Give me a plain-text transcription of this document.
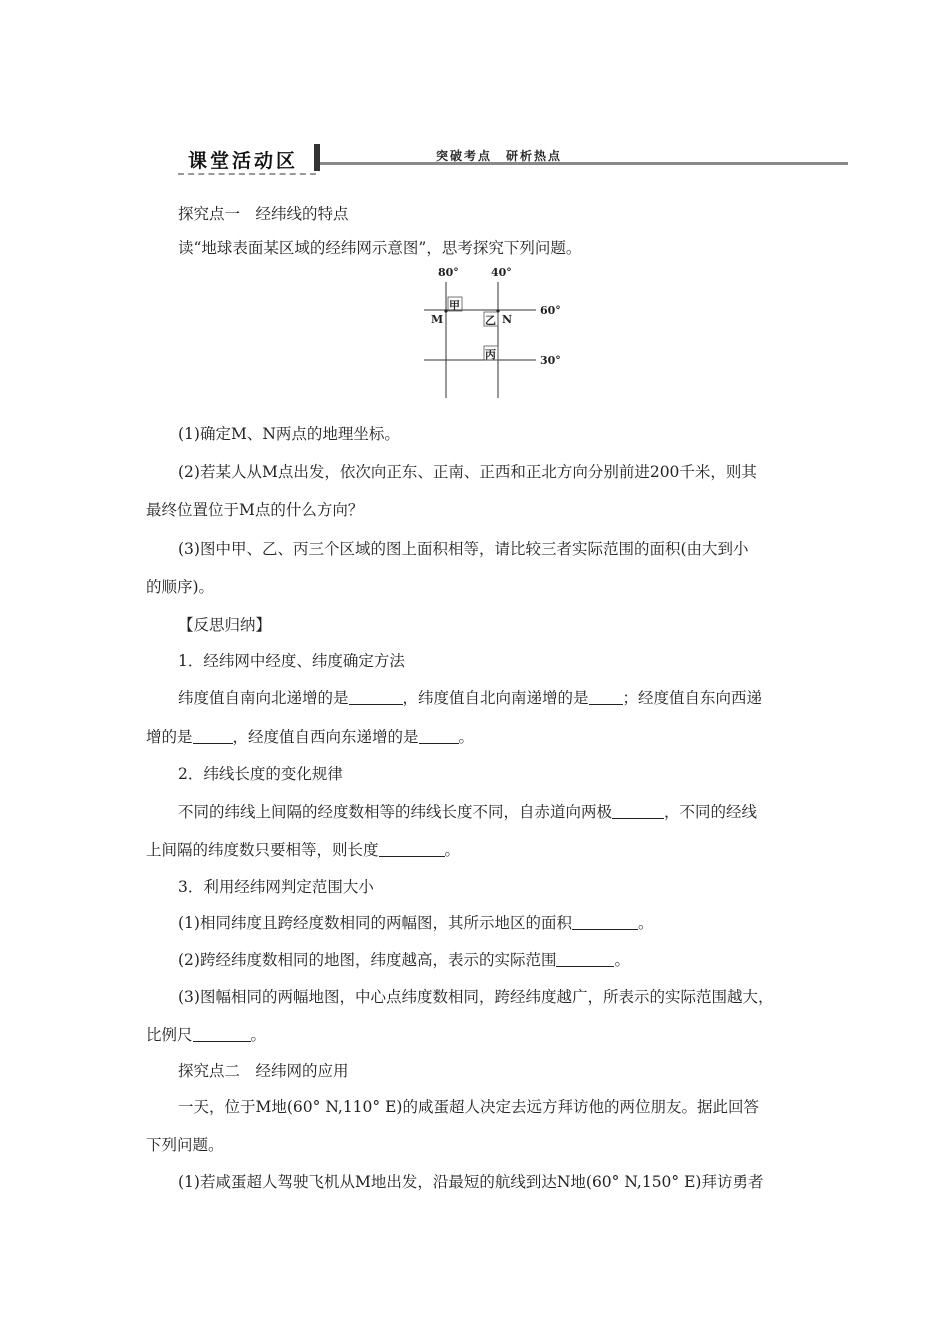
课堂活动区	突破考点　研析热点
探究点一　经纬线的特点
读“地球表面某区域的经纬网示意图”，思考探究下列问题。
80°	40°
60°
30°
M	N
甲
乙
丙
(1)确定M、N两点的地理坐标。
(2)若某人从M点出发，依次向正东、正南、正西和正北方向分别前进200千米，则其
最终位置位于M点的什么方向？
(3)图中甲、乙、丙三个区域的图上面积相等，请比较三者实际范围的面积(由大到小
的顺序)。
【反思归纳】
1．经纬网中经度、纬度确定方法
纬度值自南向北递增的是	，纬度值自北向南递增的是 ；经度值自东向西递
增的是	，经度值自西向东递增的是	。
2．纬线长度的变化规律
不同的纬线上间隔的经度数相等的纬线长度不同，自赤道向两极	，不同的经线
上间隔的纬度数只要相等，则长度	。
3．利用经纬网判定范围大小
(1)相同纬度且跨经度数相同的两幅图，其所示地区的面积	。
(2)跨经纬度数相同的地图，纬度越高，表示的实际范围	。
(3)图幅相同的两幅地图，中心点纬度数相同，跨经纬度越广，所表示的实际范围越大，
比例尺	。
探究点二　经纬网的应用
一天，位于M地(60° N,110° E)的咸蛋超人决定去远方拜访他的两位朋友。据此回答
下列问题。
(1)若咸蛋超人驾驶飞机从M地出发，沿最短的航线到达N地(60° N,150° E)拜访勇者
